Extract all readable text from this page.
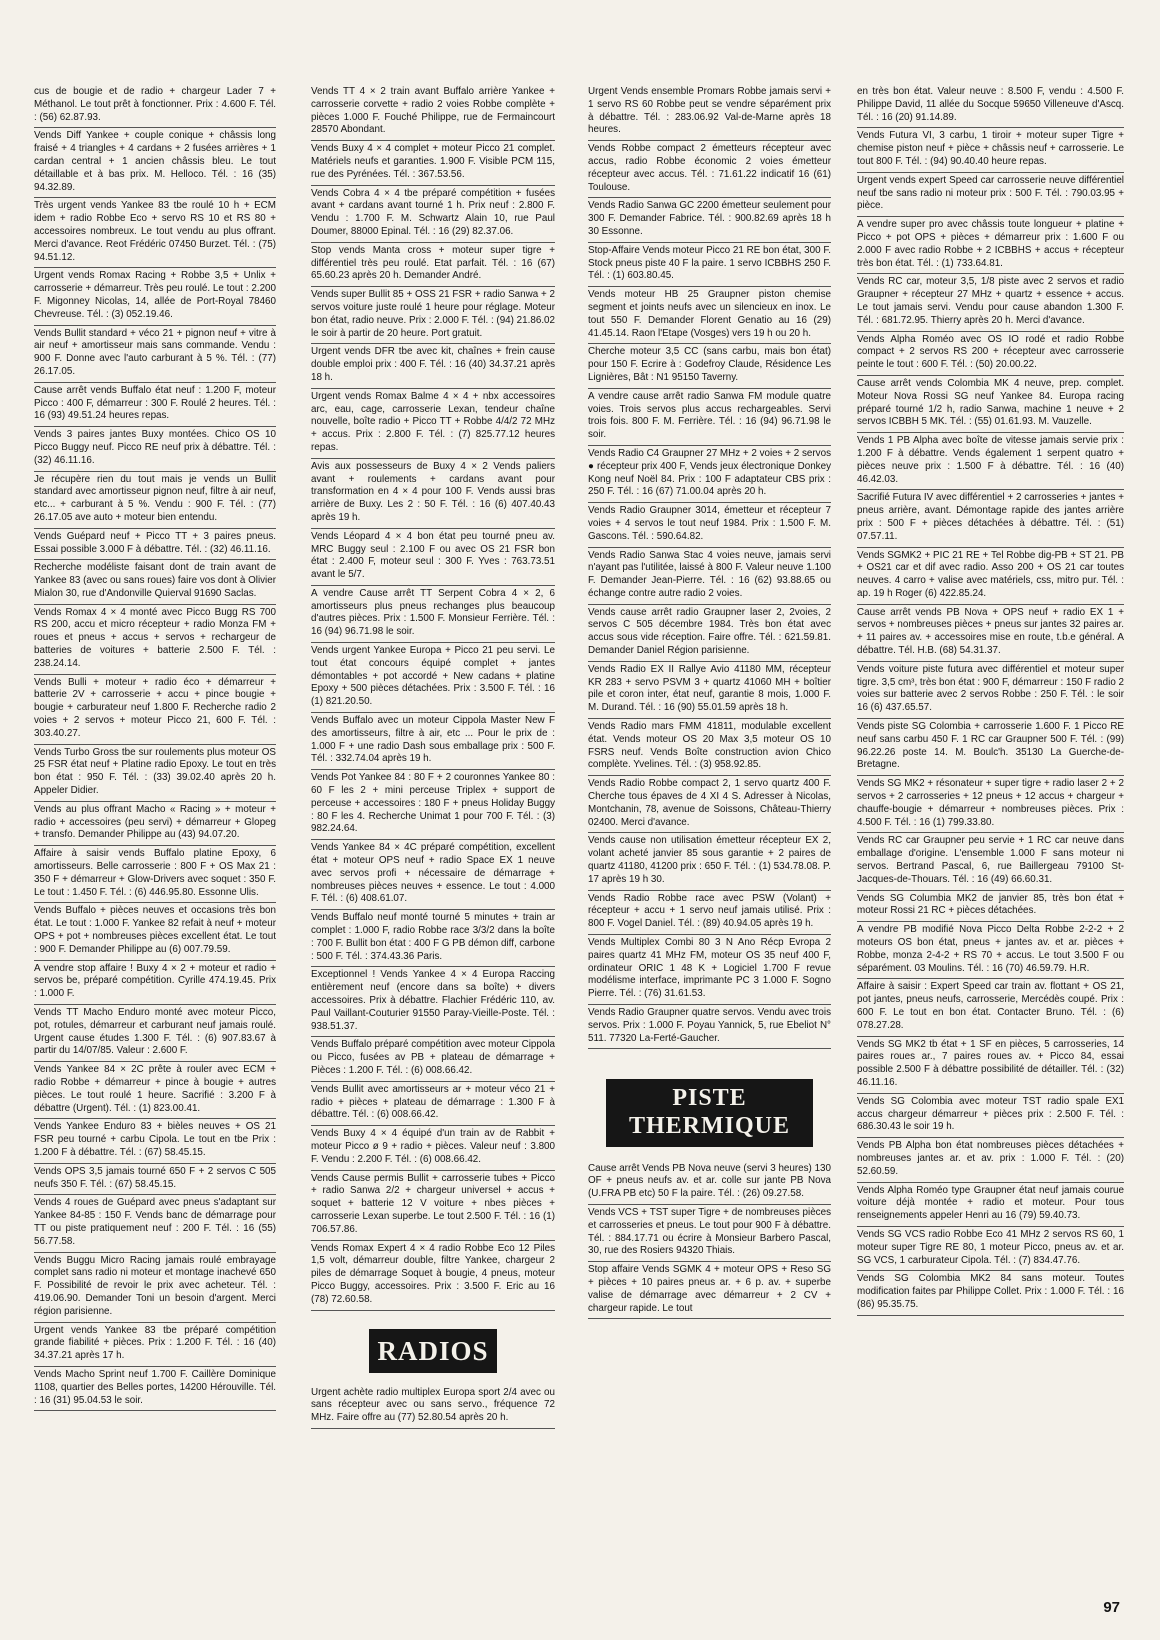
cus de bougie et de radio + chargeur Lader 7 + Méthanol. Le tout prêt à fonctionner. Prix : 4.600 F. Tél. : (56) 62.87.93.
Vends Diff Yankee + couple conique + châssis long fraisé + 4 triangles + 4 cardans + 2 fusées arrières + 1 cardan central + 1 ancien châssis bleu. Le tout détaillable et à bas prix. M. Helloco. Tél. : 16 (35) 94.32.89.
Très urgent vends Yankee 83 tbe roulé 10 h + ECM idem + radio Robbe Eco + servo RS 10 et RS 80 + accessoires nombreux. Le tout vendu au plus offrant. Merci d'avance. Reot Frédéric 07450 Burzet. Tél. : (75) 94.51.12.
Urgent vends Romax Racing + Robbe 3,5 + Unlix + carrosserie + démarreur. Très peu roulé. Le tout : 2.200 F. Migonney Nicolas, 14, allée de Port-Royal 78460 Chevreuse. Tél. : (3) 052.19.46.
Vends Bullit standard + véco 21 + pignon neuf + vitre à air neuf + amortisseur mais sans commande. Vendu : 900 F. Donne avec l'auto carburant à 5 %. Tél. : (77) 26.17.05.
Cause arrêt vends Buffalo état neuf : 1.200 F, moteur Picco : 400 F, démarreur : 300 F. Roulé 2 heures. Tél. : 16 (93) 49.51.24 heures repas.
Vends 3 paires jantes Buxy montées. Chico OS 10 Picco Buggy neuf. Picco RE neuf prix à débattre. Tél. : (32) 46.11.16.
Je récupère rien du tout mais je vends un Bullit standard avec amortisseur pignon neuf, filtre à air neuf, etc... + carburant à 5 %. Vendu : 900 F. Tél. : (77) 26.17.05 ave auto + moteur bien entendu.
Vends Guépard neuf + Picco TT + 3 paires pneus. Essai possible 3.000 F à débattre. Tél. : (32) 46.11.16.
Recherche modéliste faisant dont de train avant de Yankee 83 (avec ou sans roues) faire vos dont à Olivier Mialon 30, rue d'Andonville Quierval 91690 Saclas.
Vends Romax 4 × 4 monté avec Picco Bugg RS 700 RS 200, accu et micro récepteur + radio Monza FM + roues et pneus + accus + servos + rechargeur de batteries de voitures + batterie 2.500 F. Tél. : 238.24.14.
Vends Bulli + moteur + radio éco + démarreur + batterie 2V + carrosserie + accu + pince bougie + bougie + carburateur neuf 1.800 F. Recherche radio 2 voies + 2 servos + moteur Picco 21, 600 F. Tél. : 303.40.27.
Vends Turbo Gross tbe sur roulements plus moteur OS 25 FSR état neuf + Platine radio Epoxy. Le tout en très bon état : 950 F. Tél. : (33) 39.02.40 après 20 h. Appeler Didier.
Vends au plus offrant Macho « Racing » + moteur + radio + accessoires (peu servi) + démarreur + Glopeg + transfo. Demander Philippe au (43) 94.07.20.
Affaire à saisir vends Buffalo platine Epoxy, 6 amortisseurs. Belle carrosserie : 800 F + OS Max 21 : 350 F + démarreur + Glow-Drivers avec soquet : 350 F. Le tout : 1.450 F. Tél. : (6) 446.95.80. Essonne Ulis.
Vends Buffalo + pièces neuves et occasions très bon état. Le tout : 1.000 F. Yankee 82 refait à neuf + moteur OPS + pot + nombreuses pièces excellent état. Le tout : 900 F. Demander Philippe au (6) 007.79.59.
A vendre stop affaire ! Buxy 4 × 2 + moteur et radio + servos be, préparé compétition. Cyrille 474.19.45. Prix : 1.000 F.
Vends TT Macho Enduro monté avec moteur Picco, pot, rotules, démarreur et carburant neuf jamais roulé. Urgent cause études 1.300 F. Tél. : (6) 907.83.67 à partir du 14/07/85. Valeur : 2.600 F.
Vends Yankee 84 × 2C prête à rouler avec ECM + radio Robbe + démarreur + pince à bougie + autres pièces. Le tout roulé 1 heure. Sacrifié : 3.200 F à débattre (Urgent). Tél. : (1) 823.00.41.
Vends Yankee Enduro 83 + bièles neuves + OS 21 FSR peu tourné + carbu Cipola. Le tout en tbe Prix : 1.200 F à débattre. Tél. : (67) 58.45.15.
Vends OPS 3,5 jamais tourné 650 F + 2 servos C 505 neufs 350 F. Tél. : (67) 58.45.15.
Vends 4 roues de Guépard avec pneus s'adaptant sur Yankee 84-85 : 150 F. Vends banc de démarrage pour TT ou piste pratiquement neuf : 200 F. Tél. : 16 (55) 56.77.58.
Vends Buggu Micro Racing jamais roulé embrayage complet sans radio ni moteur et montage inachevé 650 F. Possibilité de revoir le prix avec acheteur. Tél. : 419.06.90. Demander Toni un besoin d'argent. Merci région parisienne.
Urgent vends Yankee 83 tbe préparé compétition grande fiabilité + pièces. Prix : 1.200 F. Tél. : 16 (40) 34.37.21 après 17 h.
Vends Macho Sprint neuf 1.700 F. Caillère Dominique 1108, quartier des Belles portes, 14200 Hérouville. Tél. : 16 (31) 95.04.53 le soir.
Vends TT 4 × 2 train avant Buffalo arrière Yankee + carrosserie corvette + radio 2 voies Robbe complète + pièces 1.000 F. Fouché Philippe, rue de Fermaincourt 28570 Abondant.
Vends Buxy 4 × 4 complet + moteur Picco 21 complet. Matériels neufs et garanties. 1.900 F. Visible PCM 115, rue des Pyrénées. Tél. : 367.53.56.
Vends Cobra 4 × 4 tbe préparé compétition + fusées avant + cardans avant tourné 1 h. Prix neuf : 2.800 F. Vendu : 1.700 F. M. Schwartz Alain 10, rue Paul Doumer, 88000 Epinal. Tél. : 16 (29) 82.37.06.
Stop vends Manta cross + moteur super tigre + différentiel très peu roulé. Etat parfait. Tél. : 16 (67) 65.60.23 après 20 h. Demander André.
Vends super Bullit 85 + OSS 21 FSR + radio Sanwa + 2 servos voiture juste roulé 1 heure pour réglage. Moteur bon état, radio neuve. Prix : 2.000 F. Tél. : (94) 21.86.02 le soir à partir de 20 heure. Port gratuit.
Urgent vends DFR tbe avec kit, chaînes + frein cause double emploi prix : 400 F. Tél. : 16 (40) 34.37.21 après 18 h.
Urgent vends Romax Balme 4 × 4 + nbx accessoires arc, eau, cage, carrosserie Lexan, tendeur chaîne nouvelle, boîte radio + Picco TT + Robbe 4/4/2 72 MHz + accus. Prix : 2.800 F. Tél. : (7) 825.77.12 heures repas.
Avis aux possesseurs de Buxy 4 × 2 Vends paliers avant + roulements + cardans avant pour transformation en 4 × 4 pour 100 F. Vends aussi bras arrière de Buxy. Les 2 : 50 F. Tél. : 16 (6) 407.40.43 après 19 h.
Vends Léopard 4 × 4 bon état peu tourné pneu av. MRC Buggy seul : 2.100 F ou avec OS 21 FSR bon état : 2.400 F, moteur seul : 300 F. Yves : 763.73.51 avant le 5/7.
A vendre Cause arrêt TT Serpent Cobra 4 × 2, 6 amortisseurs plus pneus rechanges plus beaucoup d'autres pièces. Prix : 1.500 F. Monsieur Ferrière. Tél. : 16 (94) 96.71.98 le soir.
Vends urgent Yankee Europa + Picco 21 peu servi. Le tout état concours équipé complet + jantes démontables + pot accordé + New cadans + platine Epoxy + 500 pièces détachées. Prix : 3.500 F. Tél. : 16 (1) 821.20.50.
Vends Buffalo avec un moteur Cippola Master New F des amortisseurs, filtre à air, etc ... Pour le prix de : 1.000 F + une radio Dash sous emballage prix : 500 F. Tél. : 332.74.04 après 19 h.
Vends Pot Yankee 84 : 80 F + 2 couronnes Yankee 80 : 60 F les 2 + mini perceuse Triplex + support de perceuse + accessoires : 180 F + pneus Holiday Buggy : 80 F les 4. Recherche Unimat 1 pour 700 F. Tél. : (3) 982.24.64.
Vends Yankee 84 × 4C préparé compétition, excellent état + moteur OPS neuf + radio Space EX 1 neuve avec servos profi + nécessaire de démarrage + nombreuses pièces neuves + essence. Le tout : 4.000 F. Tél. : (6) 408.61.07.
Vends Buffalo neuf monté tourné 5 minutes + train ar complet : 1.000 F, radio Robbe race 3/3/2 dans la boîte : 700 F. Bullit bon état : 400 F G PB démon diff, carbone : 500 F. Tél. : 374.43.36 Paris.
Exceptionnel ! Vends Yankee 4 × 4 Europa Raccing entièrement neuf (encore dans sa boîte) + divers accessoires. Prix à débattre. Flachier Frédéric 110, av. Paul Vaillant-Couturier 91550 Paray-Vieille-Poste. Tél. : 938.51.37.
Vends Buffalo préparé compétition avec moteur Cippola ou Picco, fusées av PB + plateau de démarrage + Pièces : 1.200 F. Tél. : (6) 008.66.42.
Vends Bullit avec amortisseurs ar + moteur véco 21 + radio + pièces + plateau de démarrage : 1.300 F à débattre. Tél. : (6) 008.66.42.
Vends Buxy 4 × 4 équipé d'un train av de Rabbit + moteur Picco ø 9 + radio + pièces. Valeur neuf : 3.800 F. Vendu : 2.200 F. Tél. : (6) 008.66.42.
Vends Cause permis Bullit + carrosserie tubes + Picco + radio Sanwa 2/2 + chargeur universel + accus + soquet + batterie 12 V voiture + nbes pièces + carrosserie Lexan superbe. Le tout 2.500 F. Tél. : 16 (1) 706.57.86.
Vends Romax Expert 4 × 4 radio Robbe Eco 12 Piles 1,5 volt, démarreur double, filtre Yankee, chargeur 2 piles de démarrage Soquet à bougie, 4 pneus, moteur Picco Buggy, accessoires. Prix : 3.500 F. Eric au 16 (78) 72.60.58.
RADIOS
Urgent achète radio multiplex Europa sport 2/4 avec ou sans récepteur avec ou sans servo., fréquence 72 MHz. Faire offre au (77) 52.80.54 après 20 h.
Urgent Vends ensemble Promars Robbe jamais servi + 1 servo RS 60 Robbe peut se vendre séparément prix à débattre. Tél. : 283.06.92 Val-de-Marne après 18 heures.
Vends Robbe compact 2 émetteurs récepteur avec accus, radio Robbe économic 2 voies émetteur récepteur avec accus. Tél. : 71.61.22 indicatif 16 (61) Toulouse.
Vends Radio Sanwa GC 2200 émetteur seulement pour 300 F. Demander Fabrice. Tél. : 900.82.69 après 18 h 30 Essonne.
Stop-Affaire Vends moteur Picco 21 RE bon état, 300 F. Stock pneus piste 40 F la paire. 1 servo ICBBHS 250 F. Tél. : (1) 603.80.45.
Vends moteur HB 25 Graupner piston chemise segment et joints neufs avec un silencieux en inox. Le tout 550 F. Demander Florent Genatio au 16 (29) 41.45.14. Raon l'Etape (Vosges) vers 19 h ou 20 h.
Cherche moteur 3,5 CC (sans carbu, mais bon état) pour 150 F. Ecrire à : Godefroy Claude, Résidence Les Lignières, Bât : N1 95150 Taverny.
A vendre cause arrêt radio Sanwa FM module quatre voies. Trois servos plus accus rechargeables. Servi trois fois. 800 F. M. Ferrière. Tél. : 16 (94) 96.71.98 le soir.
Vends Radio C4 Graupner 27 MHz + 2 voies + 2 servos ● récepteur prix 400 F, Vends jeux électronique Donkey Kong neuf Noël 84. Prix : 100 F adaptateur CBS prix : 250 F. Tél. : 16 (67) 71.00.04 après 20 h.
Vends Radio Graupner 3014, émetteur et récepteur 7 voies + 4 servos le tout neuf 1984. Prix : 1.500 F. M. Gascons. Tél. : 590.64.82.
Vends Radio Sanwa Stac 4 voies neuve, jamais servi n'ayant pas l'utilitée, laissé à 800 F. Valeur neuve 1.100 F. Demander Jean-Pierre. Tél. : 16 (62) 93.88.65 ou échange contre autre radio 2 voies.
Vends cause arrêt radio Graupner laser 2, 2voies, 2 servos C 505 décembre 1984. Très bon état avec accus sous vide réception. Faire offre. Tél. : 621.59.81. Demander Daniel Région parisienne.
Vends Radio EX II Rallye Avio 41180 MM, récepteur KR 283 + servo PSVM 3 + quartz 41060 MH + boîtier pile et coron inter, état neuf, garantie 8 mois, 1.000 F. M. Durand. Tél. : 16 (90) 55.01.59 après 18 h.
Vends Radio mars FMM 41811, modulable excellent état. Vends moteur OS 20 Max 3,5 moteur OS 10 FSRS neuf. Vends Boîte construction avion Chico complète. Yvelines. Tél. : (3) 958.92.85.
Vends Radio Robbe compact 2, 1 servo quartz 400 F. Cherche tous épaves de 4 XI 4 S. Adresser à Nicolas, Montchanin, 78, avenue de Soissons, Château-Thierry 02400. Merci d'avance.
Vends cause non utilisation émetteur récepteur EX 2, volant acheté janvier 85 sous garantie + 2 paires de quartz 41180, 41200 prix : 650 F. Tél. : (1) 534.78.08. P. 17 après 19 h 30.
Vends Radio Robbe race avec PSW (Volant) + récepteur + accu + 1 servo neuf jamais utilisé. Prix : 800 F. Vogel Daniel. Tél. : (89) 40.94.05 après 19 h.
Vends Multiplex Combi 80 3 N Ano Récp Evropa 2 paires quartz 41 MHz FM, moteur OS 35 neuf 400 F, ordinateur ORIC 1 48 K + Logiciel 1.700 F revue modélisme interface, imprimante PC 3 1.000 F. Sogno Pierre. Tél. : (76) 31.61.53.
Vends Radio Graupner quatre servos. Vendu avec trois servos. Prix : 1.000 F. Poyau Yannick, 5, rue Ebeliot N° 511. 77320 La-Ferté-Gaucher.
PISTE
THERMIQUE
Cause arrêt Vends PB Nova neuve (servi 3 heures) 130 OF + pneus neufs av. et ar. colle sur jante PB Nova (U.FRA PB etc) 50 F la paire. Tél. : (26) 09.27.58.
Vends VCS + TST super Tigre + de nombreuses pièces et carrosseries et pneus. Le tout pour 900 F à débattre. Tél. : 884.17.71 ou écrire à Monsieur Barbero Pascal, 30, rue des Rosiers 94320 Thiais.
Stop affaire Vends SGMK 4 + moteur OPS + Reso SG + pièces + 10 paires pneus ar. + 6 p. av. + superbe valise de démarrage avec démarreur + 2 CV + chargeur rapide. Le tout
en très bon état. Valeur neuve : 8.500 F, vendu : 4.500 F. Philippe David, 11 allée du Socque 59650 Villeneuve d'Ascq. Tél. : 16 (20) 91.14.89.
Vends Futura VI, 3 carbu, 1 tiroir + moteur super Tigre + chemise piston neuf + pièce + châssis neuf + carrosserie. Le tout 800 F. Tél. : (94) 90.40.40 heure repas.
Urgent vends expert Speed car carrosserie neuve différentiel neuf tbe sans radio ni moteur prix : 500 F. Tél. : 790.03.95 + pièce.
A vendre super pro avec châssis toute longueur + platine + Picco + pot OPS + pièces + démarreur prix : 1.600 F ou 2.000 F avec radio Robbe + 2 ICBBHS + accus + récepteur très bon état. Tél. : (1) 733.64.81.
Vends RC car, moteur 3,5, 1/8 piste avec 2 servos et radio Graupner + récepteur 27 MHz + quartz + essence + accus. Le tout jamais servi. Vendu pour cause abandon 1.300 F. Tél. : 681.72.95. Thierry après 20 h. Merci d'avance.
Vends Alpha Roméo avec OS IO rodé et radio Robbe compact + 2 servos RS 200 + récepteur avec carrosserie peinte le tout : 600 F. Tél. : (50) 20.00.22.
Cause arrêt vends Colombia MK 4 neuve, prep. complet. Moteur Nova Rossi SG neuf Yankee 84. Europa racing préparé tourné 1/2 h, radio Sanwa, machine 1 neuve + 2 servos ICBBH 5 MK. Tél. : (55) 01.61.93. M. Vauzelle.
Vends 1 PB Alpha avec boîte de vitesse jamais servie prix : 1.200 F à débattre. Vends également 1 serpent quatro + pièces neuve prix : 1.500 F à débattre. Tél. : 16 (40) 46.42.03.
Sacrifié Futura IV avec différentiel + 2 carrosseries + jantes + pneus arrière, avant. Démontage rapide des jantes arrière prix : 500 F + pièces détachées à débattre. Tél. : (51) 07.57.11.
Vends SGMK2 + PIC 21 RE + Tel Robbe dig-PB + ST 21. PB + OS21 car et dif avec radio. Asso 200 + OS 21 car toutes neuves. 4 carro + valise avec matériels, css, mitro pur. Tél. : ap. 19 h Roger (6) 422.85.24.
Cause arrêt vends PB Nova + OPS neuf + radio EX 1 + servos + nombreuses pièces + pneus sur jantes 32 paires ar. + 11 paires av. + accessoires mise en route, t.b.e général. A débattre. Tél. H.B. (68) 54.31.37.
Vends voiture piste futura avec différentiel et moteur super tigre. 3,5 cm³, très bon état : 900 F, démarreur : 150 F radio 2 voies sur batterie avec 2 servos Robbe : 250 F. Tél. : le soir 16 (6) 437.65.57.
Vends piste SG Colombia + carrosserie 1.600 F. 1 Picco RE neuf sans carbu 450 F. 1 RC car Graupner 500 F. Tél. : (99) 96.22.26 poste 14. M. Boulc'h. 35130 La Guerche-de-Bretagne.
Vends SG MK2 + résonateur + super tigre + radio laser 2 + 2 servos + 2 carrosseries + 12 pneus + 12 accus + chargeur + chauffe-bougie + démarreur + nombreuses pièces. Prix : 4.500 F. Tél. : 16 (1) 799.33.80.
Vends RC car Graupner peu servie + 1 RC car neuve dans emballage d'origine. L'ensemble 1.000 F sans moteur ni servos. Bertrand Pascal, 6, rue Baillergeau 79100 St-Jacques-de-Thouars. Tél. : 16 (49) 66.60.31.
Vends SG Columbia MK2 de janvier 85, très bon état + moteur Rossi 21 RC + pièces détachées.
A vendre PB modifié Nova Picco Delta Robbe 2-2-2 + 2 moteurs OS bon état, pneus + jantes av. et ar. pièces + Robbe, monza 2-4-2 + RS 70 + accus. Le tout 3.500 F ou séparément. 03 Moulins. Tél. : 16 (70) 46.59.79. H.R.
Affaire à saisir : Expert Speed car train av. flottant + OS 21, pot jantes, pneus neufs, carrosserie, Mercédès coupé. Prix : 600 F. Le tout en bon état. Contacter Bruno. Tél. : (6) 078.27.28.
Vends SG MK2 tb état + 1 SF en pièces, 5 carrosseries, 14 paires roues ar., 7 paires roues av. + Picco 84, essai possible 2.500 F à débattre possibilité de détailler. Tél. : (32) 46.11.16.
Vends SG Colombia avec moteur TST radio spale EX1 accus chargeur démarreur + pièces prix : 2.500 F. Tél. : 686.30.43 le soir 19 h.
Vends PB Alpha bon état nombreuses pièces détachées + nombreuses jantes ar. et av. prix : 1.000 F. Tél. : (20) 52.60.59.
Vends Alpha Roméo type Graupner état neuf jamais courue voiture déjà montée + radio et moteur. Pour tous renseignements appeler Henri au 16 (79) 59.40.73.
Vends SG VCS radio Robbe Eco 41 MHz 2 servos RS 60, 1 moteur super Tigre RE 80, 1 moteur Picco, pneus av. et ar. SG VCS, 1 carburateur Cipola. Tél. : (7) 834.47.76.
Vends SG Colombia MK2 84 sans moteur. Toutes modification faites par Philippe Collet. Prix : 1.000 F. Tél. : 16 (86) 95.35.75.
97
